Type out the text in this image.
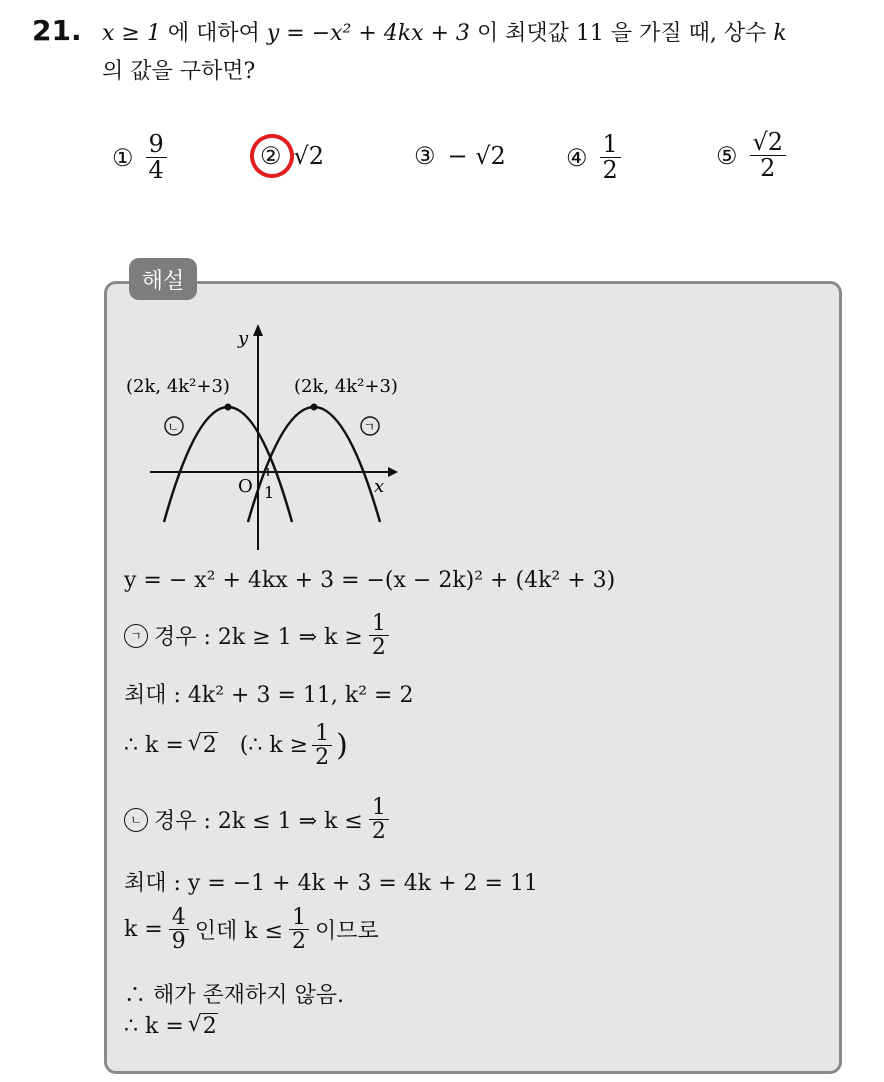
21. x ≥ 1 에 대하여 y = −x² + 4kx + 3 이 최댓값 11 을 가질 때, 상수 k
의 값을 구하면?
① $\frac{9}{4}$	② √2	③ − √2	④ $\frac{1}{2}$	⑤ $\frac{√2}{2}$
해설
y
x
O 1
(2k, 4k²+3)	(2k, 4k²+3)
ㄴ	ㄱ
y = − x² + 4kx + 3 = −(x − 2k)² + (4k² + 3)
ㄱ 경우 : 2k ≥ 1 ⇒ $k \ge \frac{1}{2}$
최대 : 4k² + 3 = 11, k² = 2
∴ k = √ 2 (∴ $k \ge \frac{1}{2}$ )
ㄴ 경우 : 2k ≤ 1 ⇒ $k \le \frac{1}{2}$
최대 : y = −1 + 4k + 3 = 4k + 2 = 11
$k = \frac{4}{9}$ 인데 $k \le \frac{1}{2}$ 이므로
∴ 해가 존재하지 않음.
∴ k = √ 2
